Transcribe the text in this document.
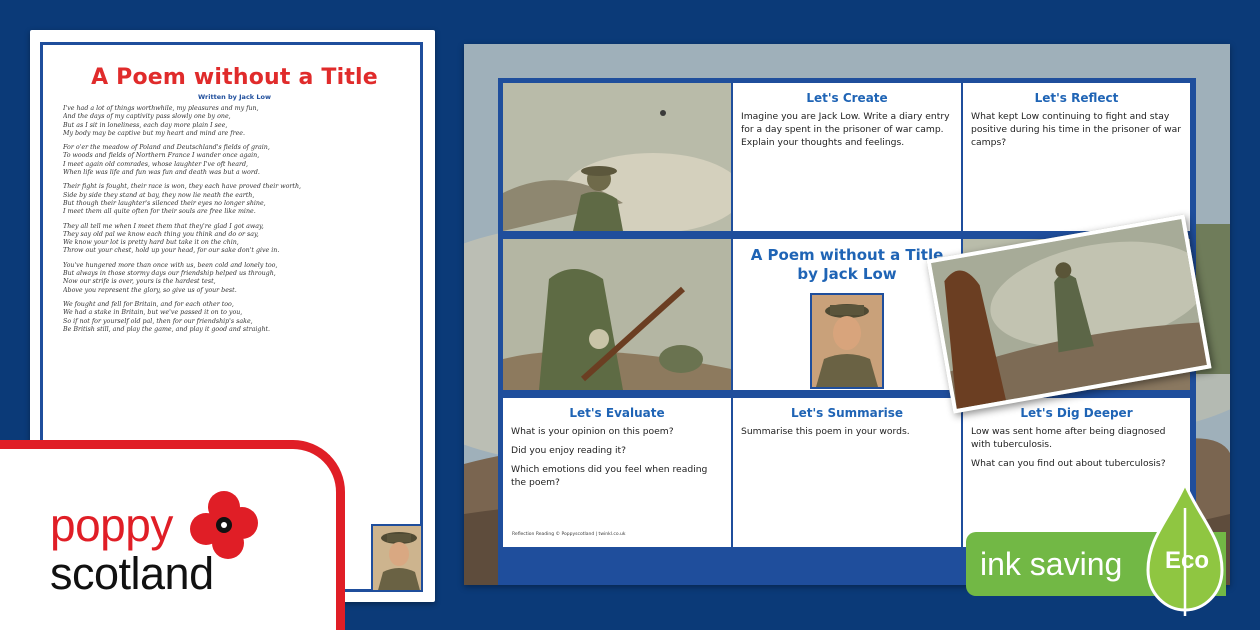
A Poem without a Title
Written by Jack Low
I've had a lot of things worthwhile, my pleasures and my fun,
And the days of my captivity pass slowly one by one,
But as I sit in loneliness, each day more plain I see,
My body may be captive but my heart and mind are free.
For o'er the meadow of Poland and Deutschland's fields of grain,
To woods and fields of Northern France I wander once again,
I meet again old comrades, whose laughter I've oft heard,
When life was life and fun was fun and death was but a word.
Their fight is fought, their race is won, they each have proved their worth,
Side by side they stand at bay, they now lie neath the earth,
But though their laughter's silenced their eyes no longer shine,
I meet them all quite often for their souls are free like mine.
They all tell me when I meet them that they're glad I got away,
They say old pal we know each thing you think and do or say,
We know your lot is pretty hard but take it on the chin,
Throw out your chest, hold up your head, for our sake don't give in.
You've hungered more than once with us, been cold and lonely too,
But always in those stormy days our friendship helped us through,
Now our strife is over, yours is the hardest test,
Above you represent the glory, so give us of your best.
We fought and fell for Britain, and for each other too,
We had a stake in Britain, but we've passed it on to you,
So if not for yourself old pal, then for our friendship's sake,
Be British still, and play the game, and play it good and straight.

Let's Create
Imagine you are Jack Low. Write a diary entry for a day spent in the prisoner of war camp. Explain your thoughts and feelings.
Let's Reflect
What kept Low continuing to fight and stay positive during his time in the prisoner of war camps?
A Poem without a Title
by Jack Low
Let's Evaluate
What is your opinion on this poem?
Did you enjoy reading it?
Which emotions did you feel when reading the poem?
Let's Summarise
Summarise this poem in your words.
Let's Dig Deeper
Low was sent home after being diagnosed with tuberculosis.
What can you find out about tuberculosis?
Reflection Reading © Poppyscotland | twinkl.co.uk
poppy
scotland	ink saving Eco
